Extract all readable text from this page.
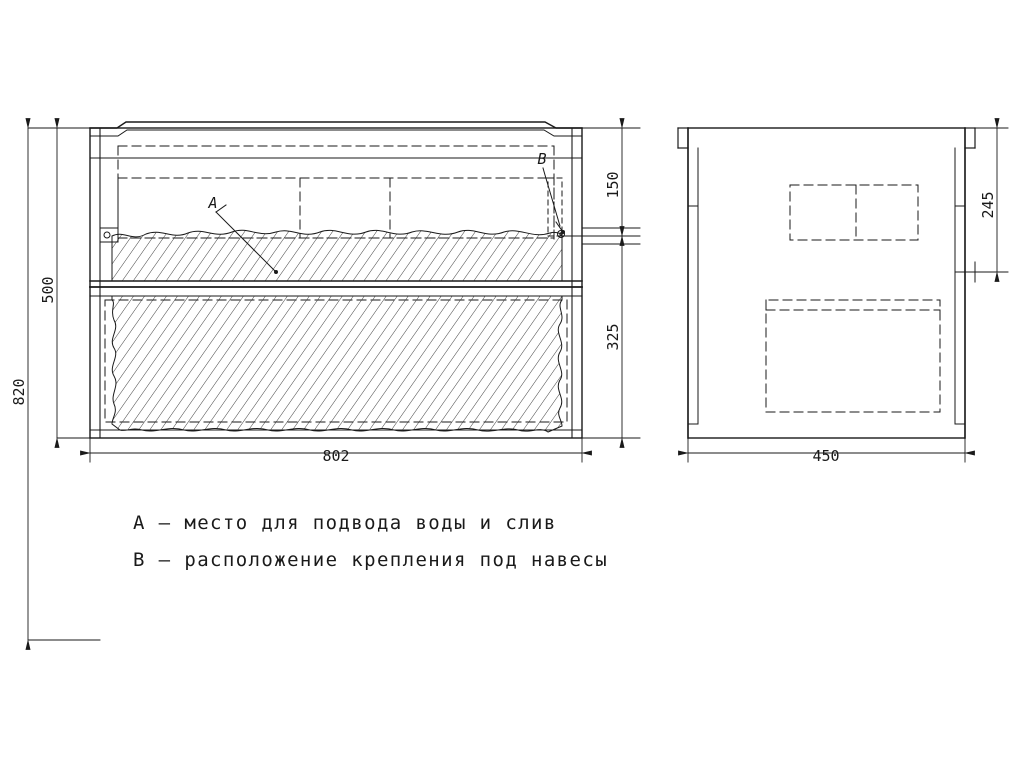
820
500
150
325
802
245
450
A
B
A – место для подвода воды и слив
B – расположение крепления под навесы
